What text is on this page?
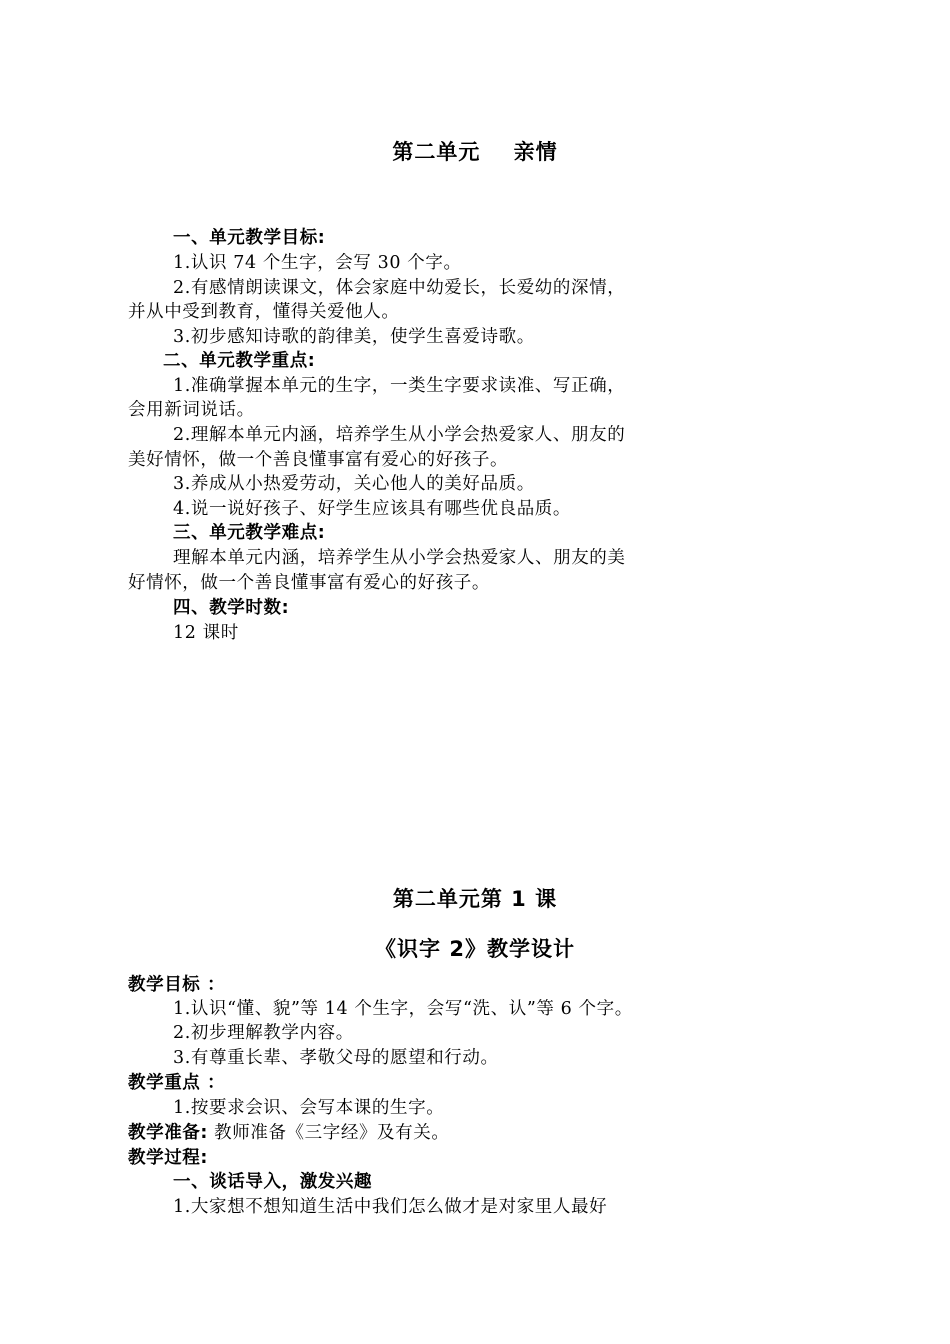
第二单元    亲情
一、单元教学目标:
1.认识 74 个生字，会写 30 个字。
2.有感情朗读课文，体会家庭中幼爱长，长爱幼的深情，
并从中受到教育，懂得关爱他人。
3.初步感知诗歌的韵律美，使学生喜爱诗歌。
二、单元教学重点:
1.准确掌握本单元的生字，一类生字要求读准、写正确，
会用新词说话。
2.理解本单元内涵，培养学生从小学会热爱家人、朋友的
美好情怀，做一个善良懂事富有爱心的好孩子。
3.养成从小热爱劳动，关心他人的美好品质。
4.说一说好孩子、好学生应该具有哪些优良品质。
三、单元教学难点:
理解本单元内涵，培养学生从小学会热爱家人、朋友的美
好情怀，做一个善良懂事富有爱心的好孩子。
四、教学时数:
12 课时
第二单元第 1 课
《识字 2》教学设计
教学目标 ：
1.认识“懂、貌”等 14 个生字，会写“洗、认”等 6 个字。
2.初步理解教学内容。
3.有尊重长辈、孝敬父母的愿望和行动。
教学重点 ：
1.按要求会识、会写本课的生字。
教学准备: 教师准备《三字经》及有关。
教学过程:
一、谈话导入，激发兴趣
1.大家想不想知道生活中我们怎么做才是对家里人最好
